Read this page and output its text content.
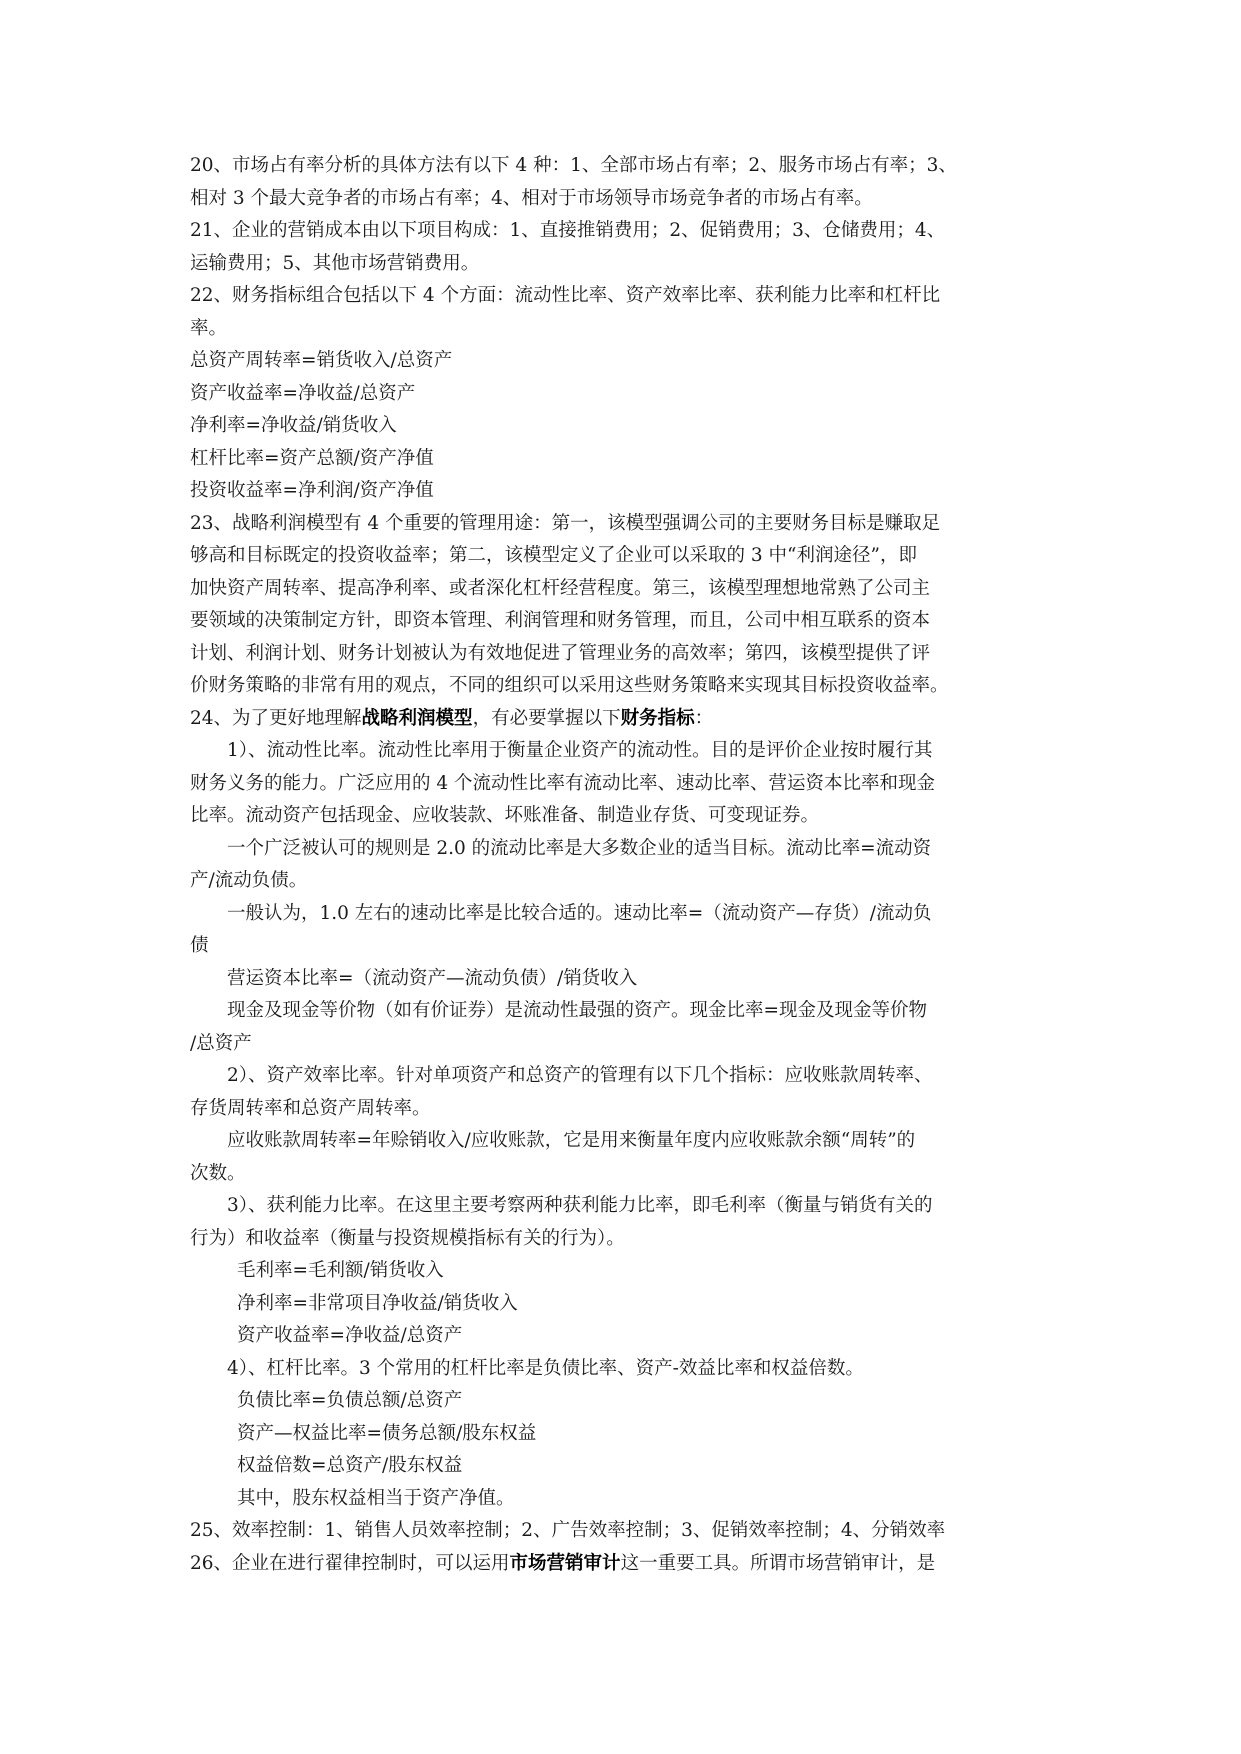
20、市场占有率分析的具体方法有以下 4 种：1、全部市场占有率；2、服务市场占有率；3、
相对 3 个最大竞争者的市场占有率；4、相对于市场领导市场竞争者的市场占有率。
21、企业的营销成本由以下项目构成：1、直接推销费用；2、促销费用；3、仓储费用；4、
运输费用；5、其他市场营销费用。
22、财务指标组合包括以下 4 个方面：流动性比率、资产效率比率、获利能力比率和杠杆比
率。
总资产周转率=销货收入/总资产
资产收益率=净收益/总资产
净利率=净收益/销货收入
杠杆比率=资产总额/资产净值
投资收益率=净利润/资产净值
23、战略利润模型有 4 个重要的管理用途：第一，该模型强调公司的主要财务目标是赚取足
够高和目标既定的投资收益率；第二，该模型定义了企业可以采取的 3 中“利润途径”，即
加快资产周转率、提高净利率、或者深化杠杆经营程度。第三，该模型理想地常熟了公司主
要领域的决策制定方针，即资本管理、利润管理和财务管理，而且，公司中相互联系的资本
计划、利润计划、财务计划被认为有效地促进了管理业务的高效率；第四，该模型提供了评
价财务策略的非常有用的观点，不同的组织可以采用这些财务策略来实现其目标投资收益率。
24、为了更好地理解战略利润模型，有必要掌握以下财务指标：
1）、流动性比率。流动性比率用于衡量企业资产的流动性。目的是评价企业按时履行其
财务义务的能力。广泛应用的 4 个流动性比率有流动比率、速动比率、营运资本比率和现金
比率。流动资产包括现金、应收装款、坏账准备、制造业存货、可变现证券。
一个广泛被认可的规则是 2.0 的流动比率是大多数企业的适当目标。流动比率=流动资
产/流动负债。
一般认为，1.0 左右的速动比率是比较合适的。速动比率=（流动资产—存货）/流动负
债
营运资本比率=（流动资产—流动负债）/销货收入
现金及现金等价物（如有价证券）是流动性最强的资产。现金比率=现金及现金等价物
/总资产
2）、资产效率比率。针对单项资产和总资产的管理有以下几个指标：应收账款周转率、
存货周转率和总资产周转率。
应收账款周转率=年赊销收入/应收账款，它是用来衡量年度内应收账款余额“周转”的
次数。
3）、获利能力比率。在这里主要考察两种获利能力比率，即毛利率（衡量与销货有关的
行为）和收益率（衡量与投资规模指标有关的行为）。
毛利率=毛利额/销货收入
净利率=非常项目净收益/销货收入
资产收益率=净收益/总资产
4）、杠杆比率。3 个常用的杠杆比率是负债比率、资产-效益比率和权益倍数。
负债比率=负债总额/总资产
资产—权益比率=债务总额/股东权益
权益倍数=总资产/股东权益
其中，股东权益相当于资产净值。
25、效率控制：1、销售人员效率控制；2、广告效率控制；3、促销效率控制；4、分销效率
26、企业在进行翟律控制时，可以运用市场营销审计这一重要工具。所谓市场营销审计，是
